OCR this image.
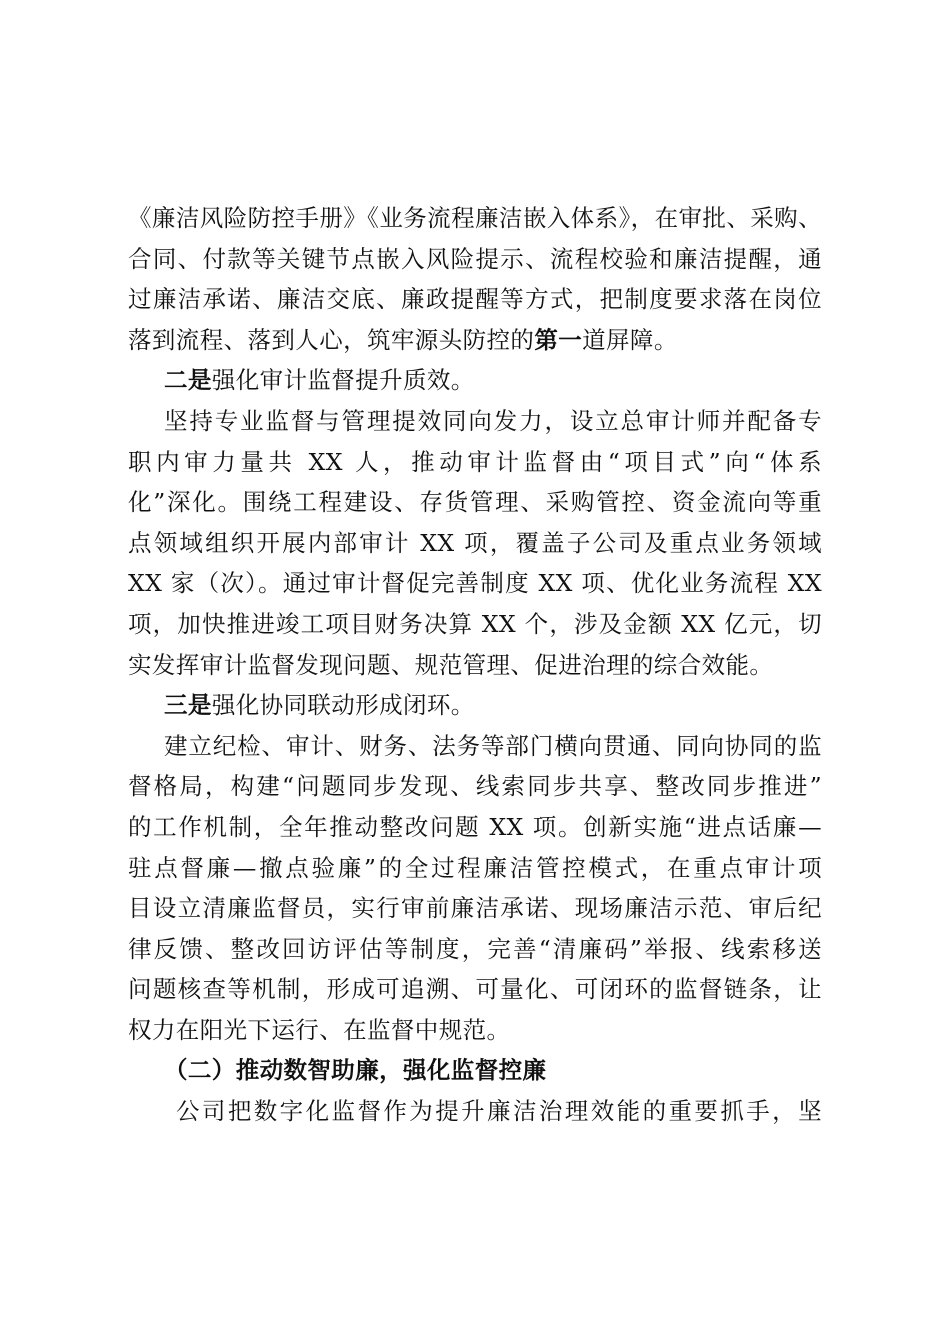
《廉洁风险防控手册》《业务流程廉洁嵌入体系》，在审批、采购、
合同、付款等关键节点嵌入风险提示、流程校验和廉洁提醒，通
过廉洁承诺、廉洁交底、廉政提醒等方式，把制度要求落在岗位
落到流程、落到人心，筑牢源头防控的第一道屏障。
二是强化审计监督提升质效。
坚持专业监督与管理提效同向发力，设立总审计师并配备专
职内审力量共 XX 人，推动审计监督由“项目式”向“体系
化”深化。围绕工程建设、存货管理、采购管控、资金流向等重
点领域组织开展内部审计 XX 项，覆盖子公司及重点业务领域
XX 家（次）。通过审计督促完善制度 XX 项、优化业务流程 XX
项，加快推进竣工项目财务决算 XX 个，涉及金额 XX 亿元，切
实发挥审计监督发现问题、规范管理、促进治理的综合效能。
三是强化协同联动形成闭环。
建立纪检、审计、财务、法务等部门横向贯通、同向协同的监
督格局，构建“问题同步发现、线索同步共享、整改同步推进”
的工作机制，全年推动整改问题 XX 项。创新实施“进点话廉—
驻点督廉—撤点验廉”的全过程廉洁管控模式，在重点审计项
目设立清廉监督员，实行审前廉洁承诺、现场廉洁示范、审后纪
律反馈、整改回访评估等制度，完善“清廉码”举报、线索移送
问题核查等机制，形成可追溯、可量化、可闭环的监督链条，让
权力在阳光下运行、在监督中规范。
（二）推动数智助廉，强化监督控廉
公司把数字化监督作为提升廉洁治理效能的重要抓手，坚
